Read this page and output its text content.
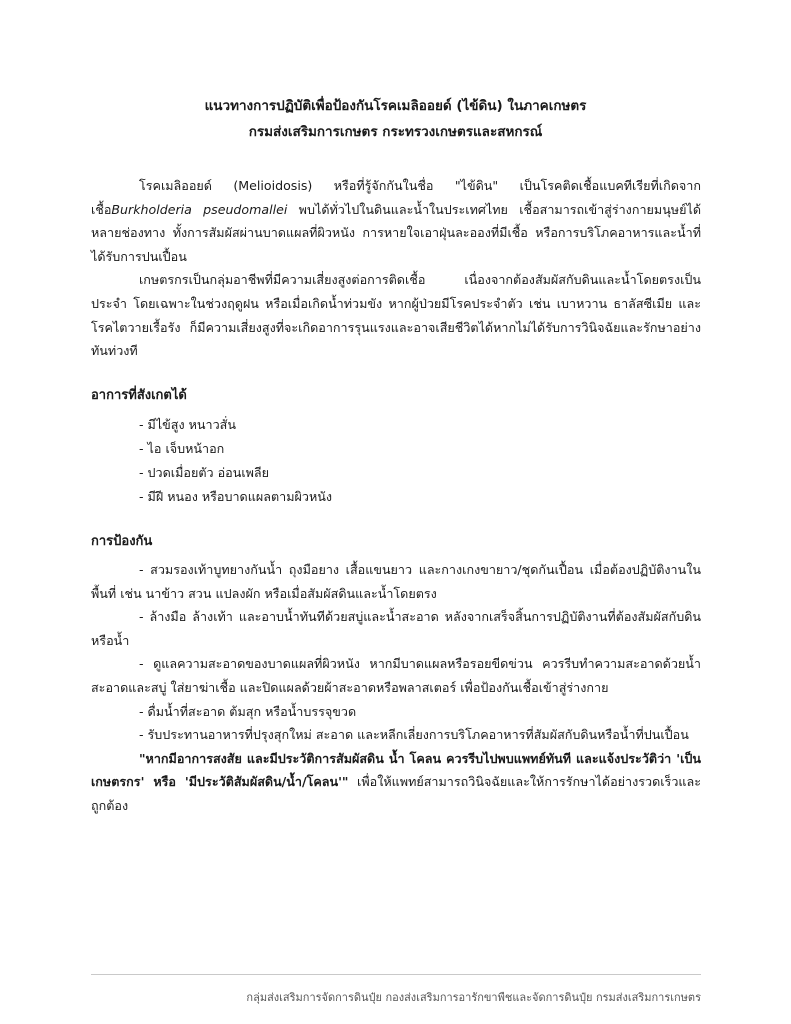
แนวทางการปฏิบัติเพื่อป้องกันโรคเมลิออยด์ (ไข้ดิน) ในภาคเกษตร
กรมส่งเสริมการเกษตร กระทรวงเกษตรและสหกรณ์

โรคเมลิออยด์ (Melioidosis) หรือที่รู้จักกันในชื่อ "ไข้ดิน" เป็นโรคติดเชื้อแบคทีเรียที่เกิดจากเชื้อBurkholderia pseudomallei พบได้ทั่วไปในดินและน้ำในประเทศไทย เชื้อสามารถเข้าสู่ร่างกายมนุษย์ได้หลายช่องทาง ทั้งการสัมผัสผ่านบาดแผลที่ผิวหนัง การหายใจเอาฝุ่นละอองที่มีเชื้อ หรือการบริโภคอาหารและน้ำที่ได้รับการปนเปื้อน

เกษตรกรเป็นกลุ่มอาชีพที่มีความเสี่ยงสูงต่อการติดเชื้อ เนื่องจากต้องสัมผัสกับดินและน้ำโดยตรงเป็นประจำ โดยเฉพาะในช่วงฤดูฝน หรือเมื่อเกิดน้ำท่วมขัง หากผู้ป่วยมีโรคประจำตัว เช่น เบาหวาน ธาลัสซีเมีย และโรคไตวายเรื้อรัง ก็มีความเสี่ยงสูงที่จะเกิดอาการรุนแรงและอาจเสียชีวิตได้หากไม่ได้รับการวินิจฉัยและรักษาอย่างทันท่วงที

อาการที่สังเกตได้
- มีไข้สูง หนาวสั่น
- ไอ เจ็บหน้าอก
- ปวดเมื่อยตัว อ่อนเพลีย
- มีฝี หนอง หรือบาดแผลตามผิวหนัง
การป้องกัน

- สวมรองเท้าบูทยางกันน้ำ ถุงมือยาง เสื้อแขนยาว และกางเกงขายาว/ชุดกันเปื้อน เมื่อต้องปฏิบัติงานในพื้นที่ เช่น นาข้าว สวน แปลงผัก หรือเมื่อสัมผัสดินและน้ำโดยตรง

- ล้างมือ ล้างเท้า และอาบน้ำทันทีด้วยสบู่และน้ำสะอาด หลังจากเสร็จสิ้นการปฏิบัติงานที่ต้องสัมผัสกับดินหรือน้ำ

- ดูแลความสะอาดของบาดแผลที่ผิวหนัง หากมีบาดแผลหรือรอยขีดข่วน ควรรีบทำความสะอาดด้วยน้ำสะอาดและสบู่ ใส่ยาฆ่าเชื้อ และปิดแผลด้วยผ้าสะอาดหรือพลาสเตอร์ เพื่อป้องกันเชื้อเข้าสู่ร่างกาย

- ดื่มน้ำที่สะอาด ต้มสุก หรือน้ำบรรจุขวด

- รับประทานอาหารที่ปรุงสุกใหม่ สะอาด และหลีกเลี่ยงการบริโภคอาหารที่สัมผัสกับดินหรือน้ำที่ปนเปื้อน

"หากมีอาการสงสัย และมีประวัติการสัมผัสดิน น้ำ โคลน ควรรีบไปพบแพทย์ทันที และแจ้งประวัติว่า 'เป็นเกษตรกร' หรือ 'มีประวัติสัมผัสดิน/น้ำ/โคลน'" เพื่อให้แพทย์สามารถวินิจฉัยและให้การรักษาได้อย่างรวดเร็วและถูกต้อง

กลุ่มส่งเสริมการจัดการดินปุ๋ย กองส่งเสริมการอารักขาพืชและจัดการดินปุ๋ย กรมส่งเสริมการเกษตร
